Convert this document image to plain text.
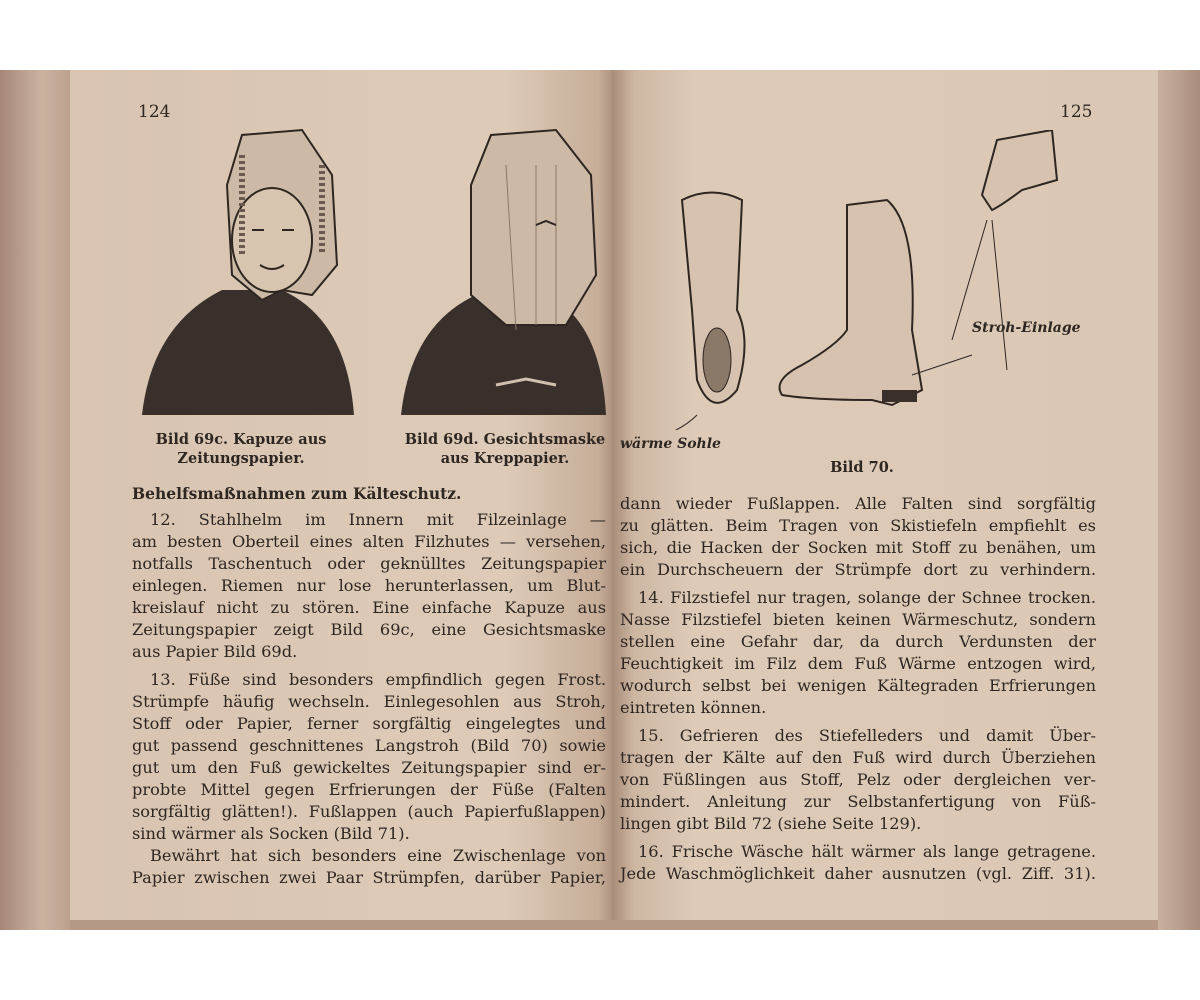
124
Bild 69c. Kapuze aus
Zeitungspapier.
Bild 69d. Gesichtsmaske
aus Kreppapier.
Behelfsmaßnahmen zum Kälteschutz.
12. Stahlhelm im Innern mit Filzeinlage —
am besten Oberteil eines alten Filzhutes — versehen,
notfalls Taschentuch oder geknülltes Zeitungspapier
einlegen. Riemen nur lose herunterlassen, um Blut-
kreislauf nicht zu stören. Eine einfache Kapuze aus
Zeitungspapier zeigt Bild 69c, eine Gesichtsmaske
aus Papier Bild 69d.
13. Füße sind besonders empfindlich gegen Frost.
Strümpfe häufig wechseln. Einlegesohlen aus Stroh,
Stoff oder Papier, ferner sorgfältig eingelegtes und
gut passend geschnittenes Langstroh (Bild 70) sowie
gut um den Fuß gewickeltes Zeitungspapier sind er-
probte Mittel gegen Erfrierungen der Füße (Falten
sorgfältig glätten!). Fußlappen (auch Papierfußlappen)
sind wärmer als Socken (Bild 71).
Bewährt hat sich besonders eine Zwischenlage von
Papier zwischen zwei Paar Strümpfen, darüber Papier,
125
Stroh-Einlage
wärme Sohle
Bild 70.
dann wieder Fußlappen. Alle Falten sind sorgfältig
zu glätten. Beim Tragen von Skistiefeln empfiehlt es
sich, die Hacken der Socken mit Stoff zu benähen, um
ein Durchscheuern der Strümpfe dort zu verhindern.
14. Filzstiefel nur tragen, solange der Schnee trocken.
Nasse Filzstiefel bieten keinen Wärmeschutz, sondern
stellen eine Gefahr dar, da durch Verdunsten der
Feuchtigkeit im Filz dem Fuß Wärme entzogen wird,
wodurch selbst bei wenigen Kältegraden Erfrierungen
eintreten können.
15. Gefrieren des Stiefelleders und damit Über-
tragen der Kälte auf den Fuß wird durch Überziehen
von Füßlingen aus Stoff, Pelz oder dergleichen ver-
mindert. Anleitung zur Selbstanfertigung von Füß-
lingen gibt Bild 72 (siehe Seite 129).
16. Frische Wäsche hält wärmer als lange getragene.
Jede Waschmöglichkeit daher ausnutzen (vgl. Ziff. 31).
